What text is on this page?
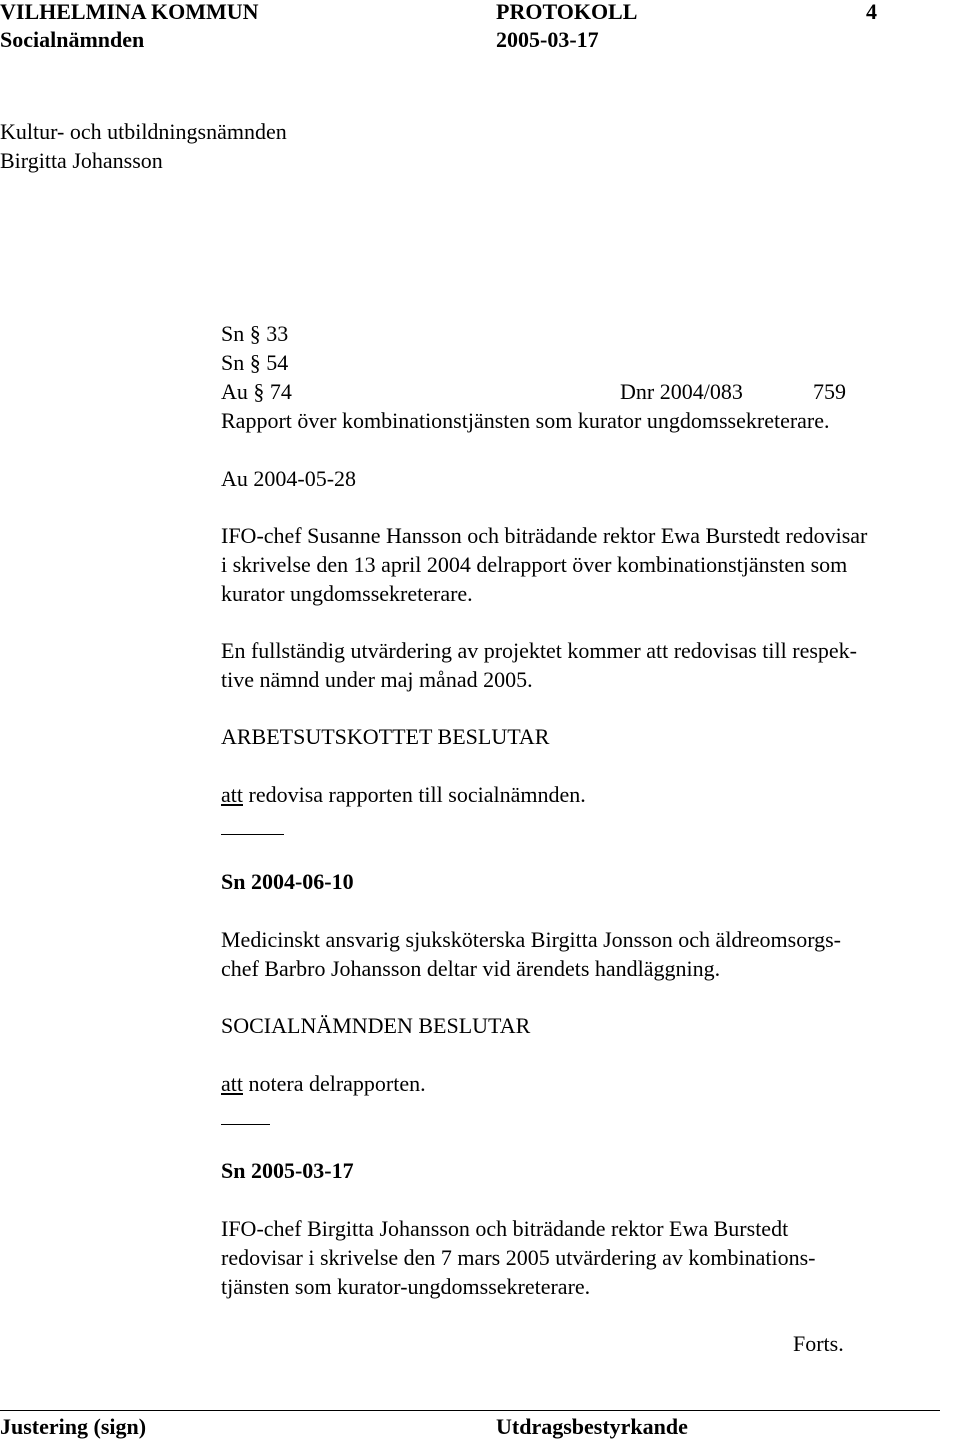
VILHELMINA KOMMUN	PROTOKOLL	4
Socialnämnden	2005-03-17
Kultur- och utbildningsnämnden
Birgitta Johansson
Sn § 33
Sn § 54
Au § 74	Dnr 2004/083	759
Rapport över kombinationstjänsten som kurator ungdomssekreterare.
Au 2004-05-28
IFO-chef Susanne Hansson och biträdande rektor Ewa Burstedt redovisar
i skrivelse den 13 april 2004 delrapport över kombinationstjänsten som
kurator ungdomssekreterare.
En fullständig utvärdering av projektet kommer att redovisas till respek-
tive nämnd under maj månad 2005.
ARBETSUTSKOTTET BESLUTAR
att redovisa rapporten till socialnämnden.
Sn 2004-06-10
Medicinskt ansvarig sjuksköterska Birgitta Jonsson och äldreomsorgs-
chef Barbro Johansson deltar vid ärendets handläggning.
SOCIALNÄMNDEN BESLUTAR
att notera delrapporten.
Sn 2005-03-17
IFO-chef Birgitta Johansson och biträdande rektor Ewa Burstedt
redovisar i skrivelse den 7 mars 2005 utvärdering av kombinations-
tjänsten som kurator-ungdomssekreterare.
Forts.
Justering (sign)	Utdragsbestyrkande
